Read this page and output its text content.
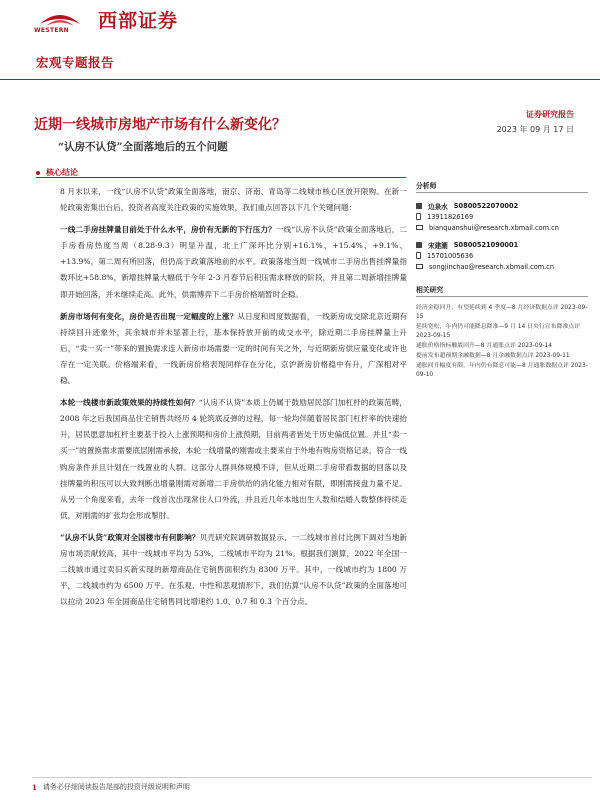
WESTERN 西部证券
宏观专题报告
证券研究报告
近期一线城市房地产市场有什么新变化？	2023 年 09 月 17 日
“认房不认贷”全面落地后的五个问题
核心结论

8 月末以来，一线“认房不认贷”政策全面落地，南京、济南、青岛等二线城市核心区放开限购。在新一轮政策密集出台后，投资者高度关注政策的实施效果，我们重点回答以下几个关键问题：

一线二手房挂牌量目前处于什么水平，房价有无新的下行压力？一线“认房不认贷”政策全面落地后，二手房看房热度当周（8.28-9.3）明显升温，北上广深环比分别+16.1%、+15.4%、+9.1%、+13.9%，第二周有所回落，但仍高于政策落地前的水平。政策落地当周一线城市二手房出售挂牌量指数环比+58.8%，新增挂牌量大幅低于今年 2-3 月春节后积压需求释放的阶段，并且第二周新增挂牌量即开始回落，并未继续走高。此外，供需博弈下二手房价格端暂时企稳。

新房市场何有变化，房价是否出现一定幅度的上涨？从日度和周度数据看，一线新房成交除北京近期有持续回升迹象外，其余城市并未显著上行，基本保持放开前的成交水平，除近期二手房挂牌量上升后，“卖一买一”带来的置换需求连入新房市场需要一定的时间有关之外，与近期新房供应量变化或许也存在一定关联。价格端来看，一线新房价格表现同样存在分化，京沪新房价格稳中有升，广深相对平稳。

本轮一线楼市新政策效果的持续性如何？“认房不认贷”本质上仍属于鼓励居民部门加杠杆的政策范畴，2008 年之后我国商品住宅销售共经历 4 轮筑底反弹的过程，每一轮均伴随着居民部门杠杆率的快速抬升，居民愿意加杠杆主要基于投入上涨预期和房价上涨预期，目前两者皆处于历史偏低位置。并且“卖一买一”的置换需求需要底层刚需承接，本轮一线增量的刚需或主要来自于外地有购房资格记录，符合一线购房条件并且计划在一线置业的人群。这部分人群具体规模不详，但从近期二手房带看数据的回落以及挂牌量的积压可以大致判断出增量刚需对新增二手房供给的消化能力相对有限，即刚需接盘力量不足。从另一个角度来看，去年一线首次出现常住人口外流，并且近几年本地出生人数和结婚人数整体持续走低，对刚需的扩张均会形成掣肘。

“认房不认贷”政策对全国楼市有何影响？贝壳研究院调研数据显示，一二线城市首付比例下调对当地新房市场贡献较高，其中一线城市平均为 53%，二线城市平均为 21%。根据我们测算，2022 年全国一二线城市通过卖旧买新实现的新增商品住宅销售面积约为 8300 万平。其中，一线城市约为 1800 万平，二线城市约为 6500 万平。在乐观、中性和悲观情形下，我们估算“认房不认贷”政策的全面落地可以拉动 2023 年全国商品住宅销售同比增速约 1.0、0.7 和 0.3 个百分点。

分析师
边泉水 S0800522070002
13911826169
bianquanshui@research.xbmail.com.cn
宋建潮 S0800521090001
15701005636
songjinchao@research.xbmail.com.cn
相关研究
经济金稳回升，有望延续到 4 季度—8 月经济数据点评 2023-09-15
延续宽松，年内仍可能降息降准—9 月 14 日央行宣布降准点评 2023-09-15
通胀价格指标触底回升—8 月通胀点评 2023-09-14
提前发布超预期金融数据—8 月金融数据点评 2023-09-11
通胀回升幅度有限，年内仍有降息可能—8 月通胀数据点评 2023-09-10
1 请务必仔细阅读报告尾部的投资评级说明和声明
